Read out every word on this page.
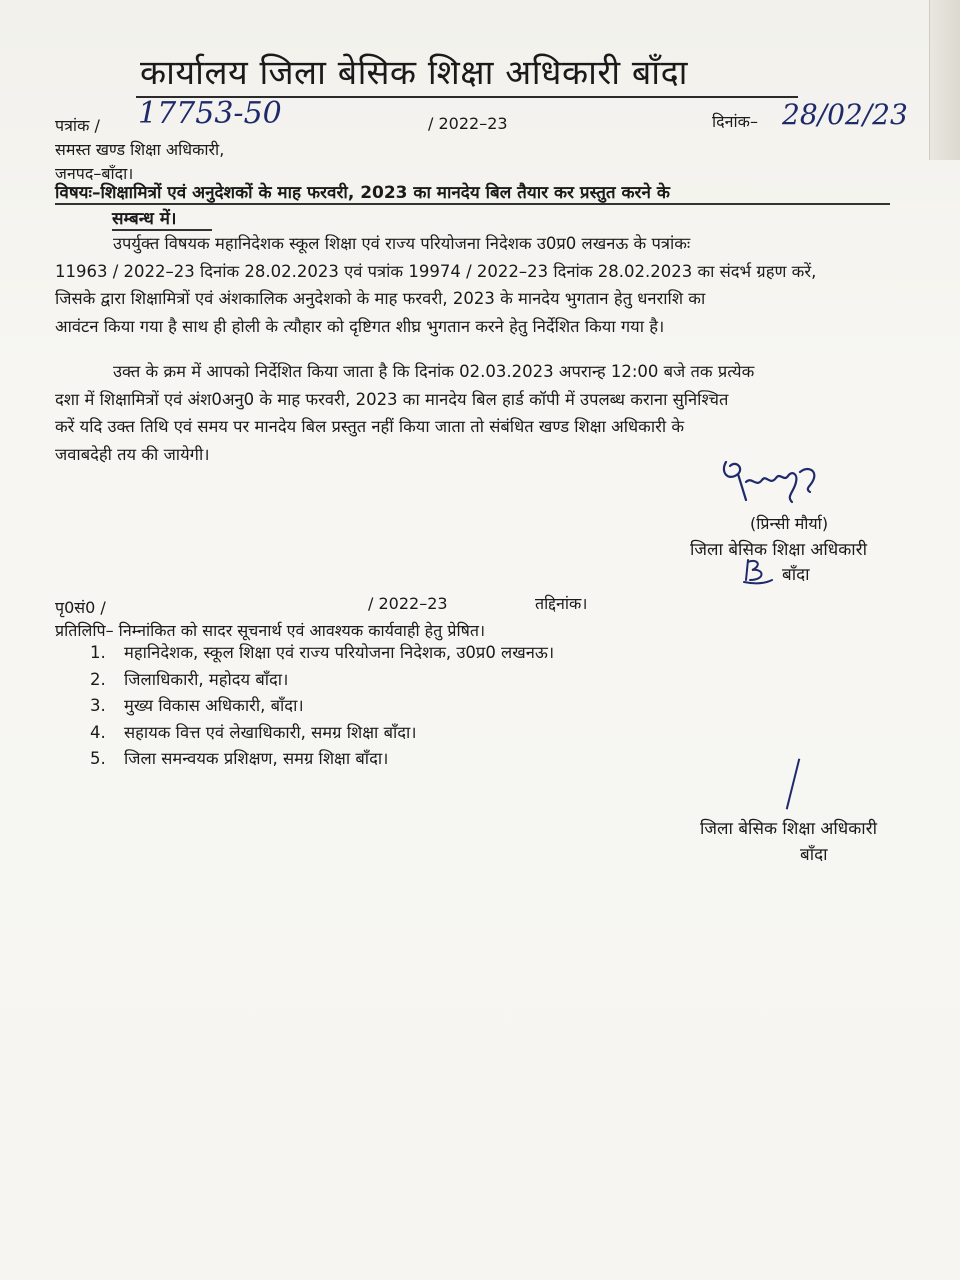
कार्यालय जिला बेसिक शिक्षा अधिकारी बाँदा
पत्रांक / 17753-50	/ 2022–23	दिनांक– 28/02/23
समस्त खण्ड शिक्षा अधिकारी,
जनपद–बाँदा।
विषयः–शिक्षामित्रों एवं अनुदेशकों के माह फरवरी, 2023 का मानदेय बिल तैयार कर प्रस्तुत करने के
सम्बन्ध में।
उपर्युक्त विषयक महानिदेशक स्कूल शिक्षा एवं राज्य परियोजना निदेशक उ0प्र0 लखनऊ के पत्रांकः
11963 / 2022–23 दिनांक 28.02.2023 एवं पत्रांक 19974 / 2022–23 दिनांक 28.02.2023 का संदर्भ ग्रहण करें,
जिसके द्वारा शिक्षामित्रों एवं अंशकालिक अनुदेशको के माह फरवरी, 2023 के मानदेय भुगतान हेतु धनराशि का
आवंटन किया गया है साथ ही होली के त्यौहार को दृष्टिगत शीघ्र भुगतान करने हेतु निर्देशित किया गया है।
उक्त के क्रम में आपको निर्देशित किया जाता है कि दिनांक 02.03.2023 अपरान्ह 12:00 बजे तक प्रत्येक
दशा में शिक्षामित्रों एवं अंश0अनु0 के माह फरवरी, 2023 का मानदेय बिल हार्ड कॉपी में उपलब्ध कराना सुनिश्चित
करें यदि उक्त तिथि एवं समय पर मानदेय बिल प्रस्तुत नहीं किया जाता तो संबंधित खण्ड शिक्षा अधिकारी के
जवाबदेही तय की जायेगी।
(प्रिन्सी मौर्या)
जिला बेसिक शिक्षा अधिकारी
बाँदा
पृ0सं0 /	/ 2022–23	तद्दिनांक।
प्रतिलिपि– निम्नांकित को सादर सूचनार्थ एवं आवश्यक कार्यवाही हेतु प्रेषित।
1.	महानिदेशक, स्कूल शिक्षा एवं राज्य परियोजना निदेशक, उ0प्र0 लखनऊ।
2.	जिलाधिकारी, महोदय बाँदा।
3.	मुख्य विकास अधिकारी, बाँदा।
4.	सहायक वित्त एवं लेखाधिकारी, समग्र शिक्षा बाँदा।
5.	जिला समन्वयक प्रशिक्षण, समग्र शिक्षा बाँदा।
जिला बेसिक शिक्षा अधिकारी
बाँदा
